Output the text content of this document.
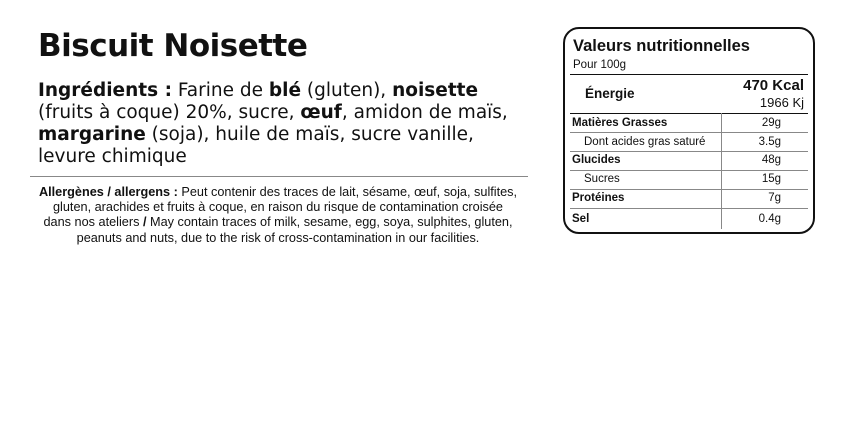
Biscuit Noisette

Ingrédients : Farine de blé (gluten), noisette (fruits à coque) 20%, sucre, œuf, amidon de maïs, margarine (soja), huile de maïs, sucre vanille, levure chimique

Allergènes / allergens : Peut contenir des traces de lait, sésame, œuf, soja, sulfites, gluten, arachides et fruits à coque, en raison du risque de contamination croisée dans nos ateliers / May contain traces of milk, sesame, egg, soya, sulphites, gluten, peanuts and nuts, due to the risk of cross-contamination in our facilities.

Valeurs nutritionnelles
Pour 100g
Énergie	470 Kcal
1966 Kj
Matières Grasses	29g
Dont acides gras saturé	3.5g
Glucides	48g
Sucres	15g
Protéines	7g
Sel	0.4g
